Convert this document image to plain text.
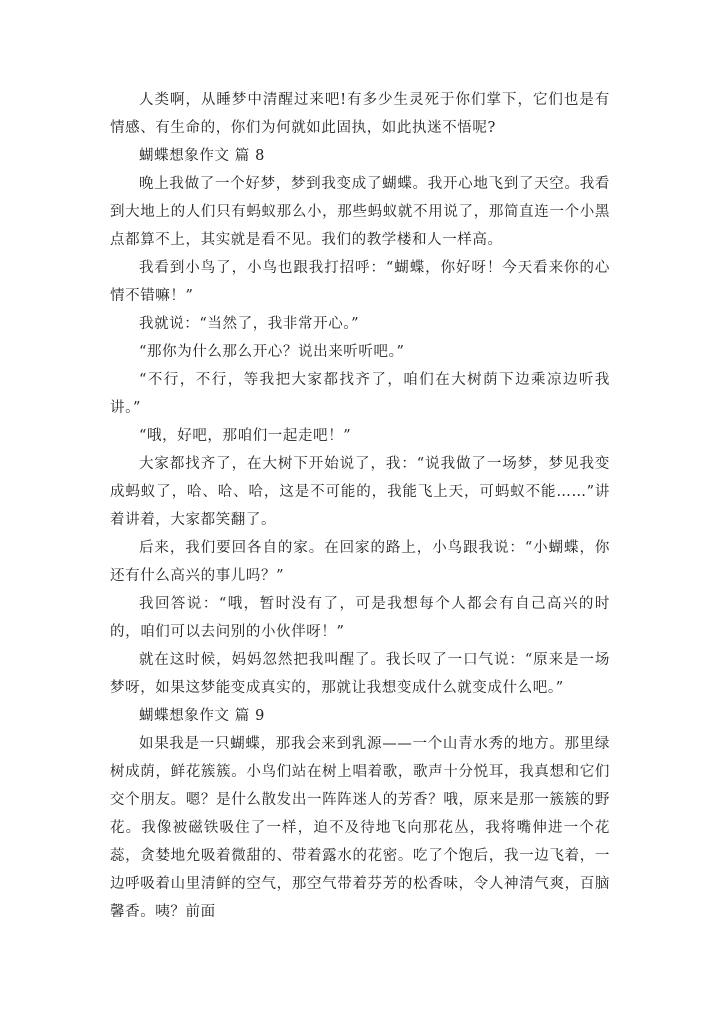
人类啊，从睡梦中清醒过来吧!有多少生灵死于你们掌下，它们也是有情感、有生命的，你们为何就如此固执，如此执迷不悟呢?

蝴蝶想象作文 篇 8

晚上我做了一个好梦，梦到我变成了蝴蝶。我开心地飞到了天空。我看到大地上的人们只有蚂蚁那么小，那些蚂蚁就不用说了，那简直连一个小黑点都算不上，其实就是看不见。我们的教学楼和人一样高。

我看到小鸟了，小鸟也跟我打招呼：“蝴蝶，你好呀！今天看来你的心情不错嘛！”

我就说：“当然了，我非常开心。”

“那你为什么那么开心？说出来听听吧。”

“不行，不行，等我把大家都找齐了，咱们在大树荫下边乘凉边听我讲。”

“哦，好吧，那咱们一起走吧！”

大家都找齐了，在大树下开始说了，我：“说我做了一场梦，梦见我变成蚂蚁了，哈、哈、哈，这是不可能的，我能飞上天，可蚂蚁不能……”讲着讲着，大家都笑翻了。

后来，我们要回各自的家。在回家的路上，小鸟跟我说：“小蝴蝶，你还有什么高兴的事儿吗？”

我回答说：“哦，暂时没有了，可是我想每个人都会有自己高兴的时的，咱们可以去问别的小伙伴呀！”

就在这时候，妈妈忽然把我叫醒了。我长叹了一口气说：“原来是一场梦呀，如果这梦能变成真实的，那就让我想变成什么就变成什么吧。”

蝴蝶想象作文 篇 9

如果我是一只蝴蝶，那我会来到乳源——一个山青水秀的地方。那里绿树成荫，鲜花簇簇。小鸟们站在树上唱着歌，歌声十分悦耳，我真想和它们交个朋友。嗯？是什么散发出一阵阵迷人的芳香？哦，原来是那一簇簇的野花。我像被磁铁吸住了一样，迫不及待地飞向那花丛，我将嘴伸进一个花蕊，贪婪地允吸着微甜的、带着露水的花密。吃了个饱后，我一边飞着，一边呼吸着山里清鲜的空气，那空气带着芬芳的松香味，令人神清气爽，百脑馨香。咦？前面
